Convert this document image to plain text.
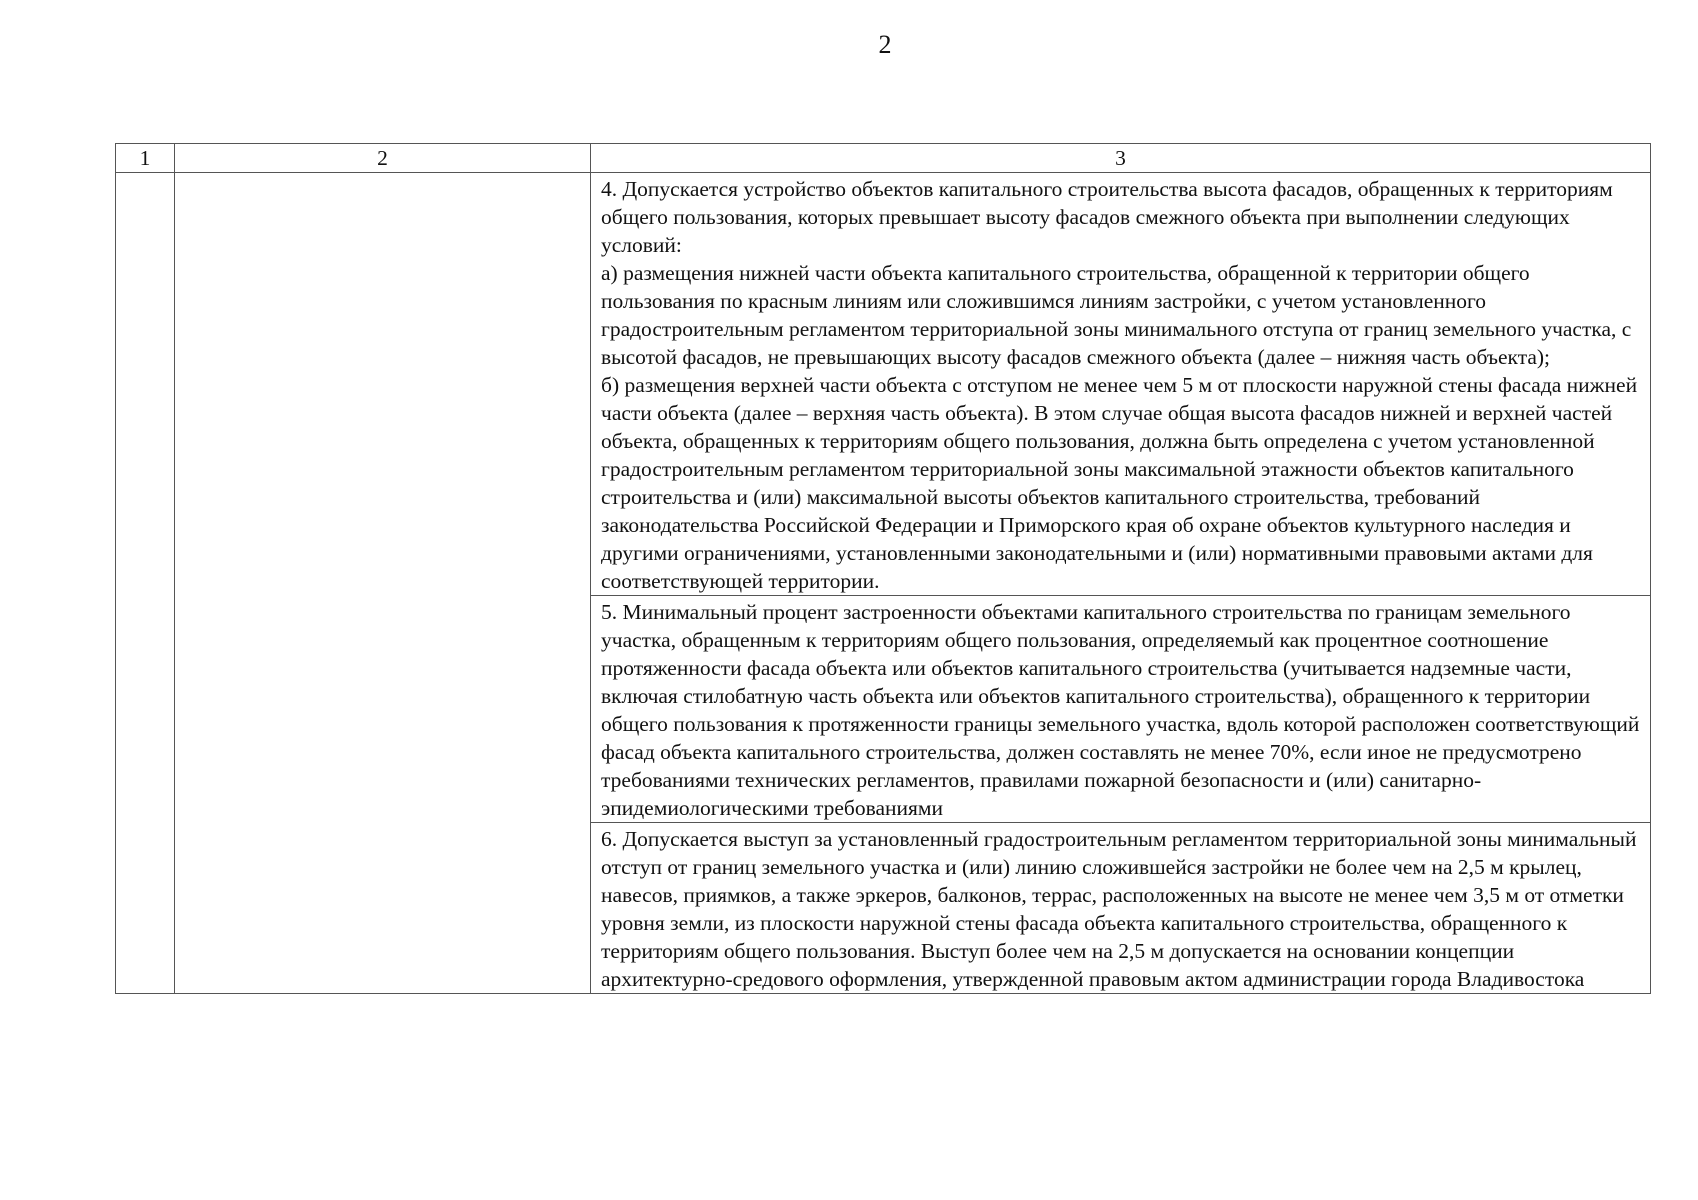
2
1	2	3

		4. Допускается устройство объектов капитального строительства высота фасадов, обращенных к территориям общего пользования, которых превышает высоту фасадов смежного объекта при выполнении следующих условий:
а) размещения нижней части объекта капитального строительства, обращенной к территории общего пользования по красным линиям или сложившимся линиям застройки, с учетом установленного градостроительным регламентом территориальной зоны минимального отступа от границ земельного участка, с высотой фасадов, не превышающих высоту фасадов смежного объекта (далее – нижняя часть объекта);
б) размещения верхней части объекта с отступом не менее чем 5 м от плоскости наружной стены фасада нижней части объекта (далее – верхняя часть объекта). В этом случае общая высота фасадов нижней и верхней частей объекта, обращенных к территориям общего пользования, должна быть определена с учетом установленной градостроительным регламентом территориальной зоны максимальной этажности объектов капитального строительства и (или) максимальной высоты объектов капитального строительства, требований законодательства Российской Федерации и Приморского края об охране объектов культурного наследия и другими ограничениями, установленными законодательными и (или) нормативными правовыми актами для соответствующей территории.

		5. Минимальный процент застроенности объектами капитального строительства по границам земельного участка, обращенным к территориям общего пользования, определяемый как процентное соотношение протяженности фасада объекта или объектов капитального строительства (учитывается надземные части, включая стилобатную часть объекта или объектов капитального строительства), обращенного к территории общего пользования к протяженности границы земельного участка, вдоль которой расположен соответствующий фасад объекта капитального строительства, должен составлять не менее 70%, если иное не предусмотрено требованиями технических регламентов, правилами пожарной безопасности и (или) санитарно-эпидемиологическими требованиями

		6. Допускается выступ за установленный градостроительным регламентом территориальной зоны минимальный отступ от границ земельного участка и (или) линию сложившейся застройки не более чем на 2,5 м крылец, навесов, приямков, а также эркеров, балконов, террас, расположенных на высоте не менее чем 3,5 м от отметки уровня земли, из плоскости наружной стены фасада объекта капитального строительства, обращенного к территориям общего пользования. Выступ более чем на 2,5 м допускается на основании концепции архитектурно-средового оформления, утвержденной правовым актом администрации города Владивостока
